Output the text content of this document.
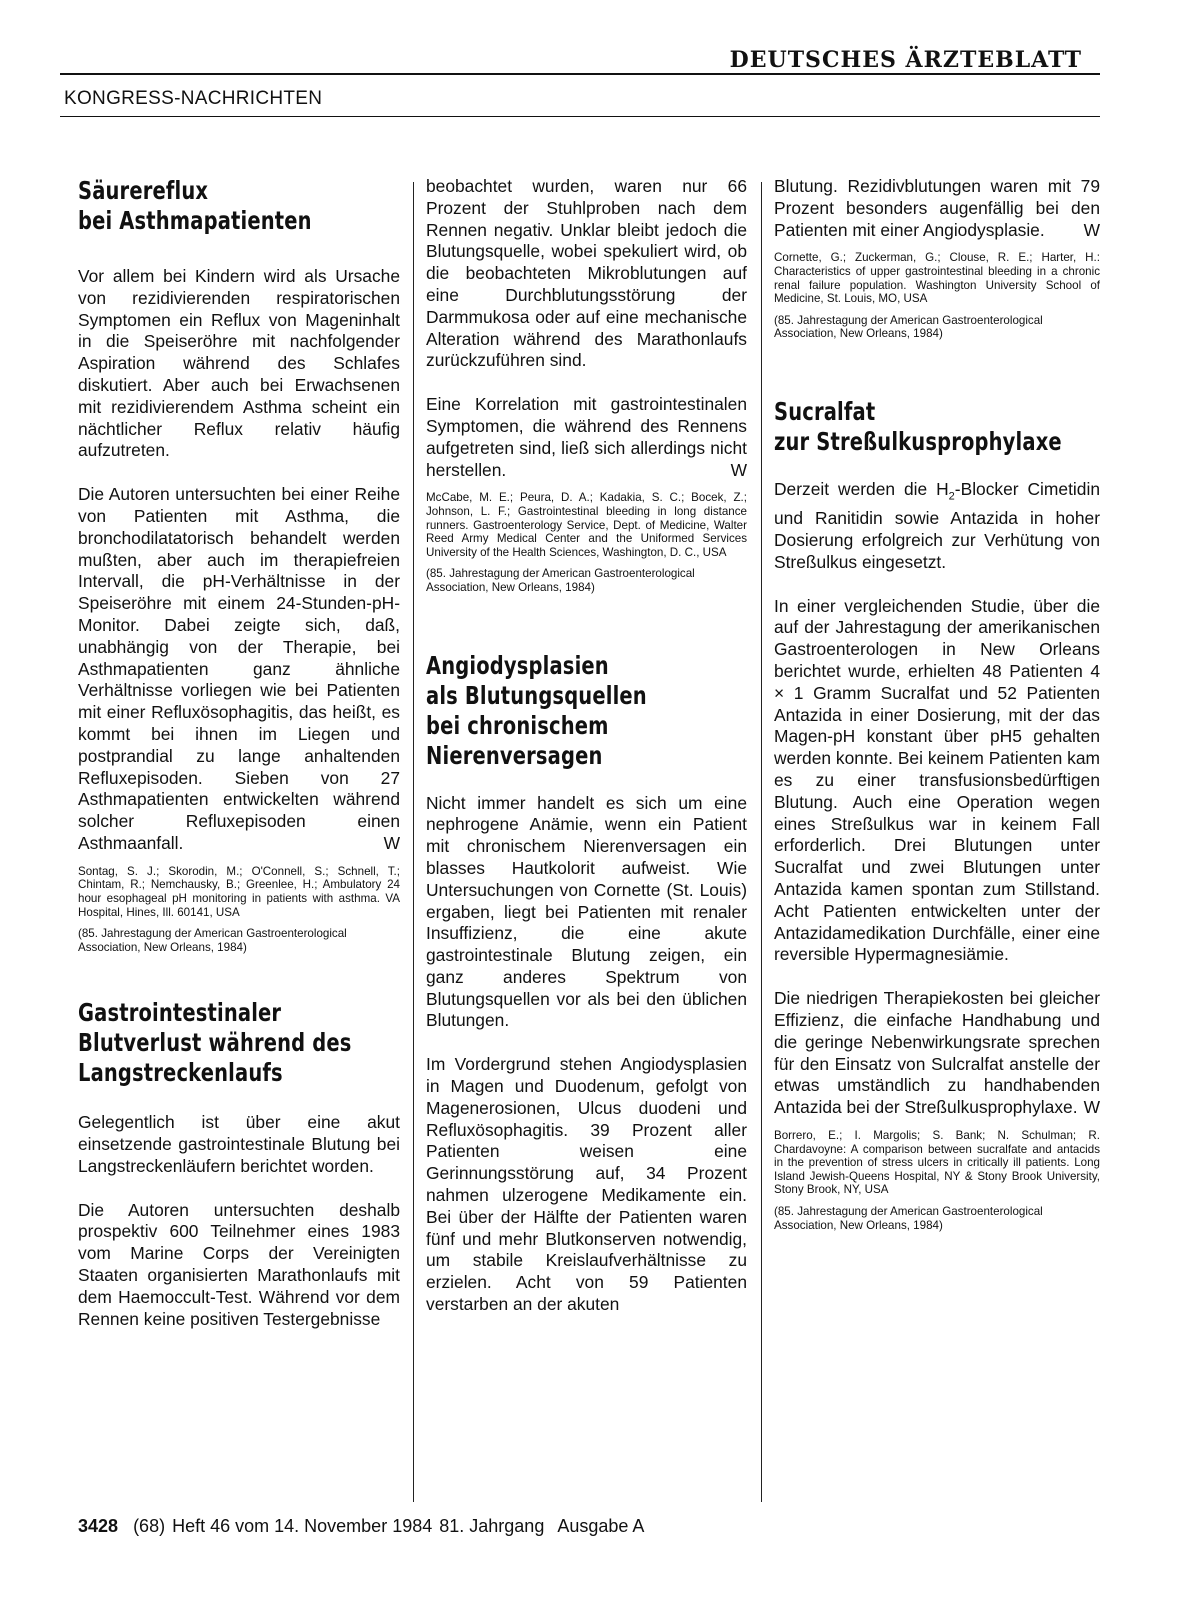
DEUTSCHES ÄRZTEBLATT
KONGRESS-NACHRICHTEN
Säurereflux
bei Asthmapatienten

Vor allem bei Kindern wird als Ursache von rezidivierenden respiratorischen Symptomen ein Reflux von Mageninhalt in die Speiseröhre mit nachfolgender Aspiration während des Schlafes diskutiert. Aber auch bei Erwachsenen mit rezidivierendem Asthma scheint ein nächtlicher Reflux relativ häufig aufzutreten.

Die Autoren untersuchten bei einer Reihe von Patienten mit Asthma, die bronchodilatatorisch behandelt werden mußten, aber auch im therapiefreien Intervall, die pH-Verhältnisse in der Speiseröhre mit einem 24-Stunden-pH-Monitor. Dabei zeigte sich, daß, unabhängig von der Therapie, bei Asthmapatienten ganz ähnliche Verhältnisse vorliegen wie bei Patienten mit einer Refluxösophagitis, das heißt, es kommt bei ihnen im Liegen und postprandial zu lange anhaltenden Refluxepisoden. Sieben von 27 Asthmapatienten entwickelten während solcher Refluxepisoden einen Asthmaanfall.	W

Sontag, S. J.; Skorodin, M.; O'Connell, S.; Schnell, T.; Chintam, R.; Nemchausky, B.; Greenlee, H.; Ambulatory 24 hour esophageal pH monitoring in patients with asthma. VA Hospital, Hines, Ill. 60141, USA

(85. Jahrestagung der American Gastroenterological Association, New Orleans, 1984)

Gastrointestinaler
Blutverlust während des
Langstreckenlaufs

Gelegentlich ist über eine akut einsetzende gastrointestinale Blutung bei Langstreckenläufern berichtet worden.

Die Autoren untersuchten deshalb prospektiv 600 Teilnehmer eines 1983 vom Marine Corps der Vereinigten Staaten organisierten Marathonlaufs mit dem Haemoccult-Test. Während vor dem Rennen keine positiven Testergebnisse

beobachtet wurden, waren nur 66 Prozent der Stuhlproben nach dem Rennen negativ. Unklar bleibt jedoch die Blutungsquelle, wobei spekuliert wird, ob die beobachteten Mikroblutungen auf eine Durchblutungsstörung der Darmmukosa oder auf eine mechanische Alteration während des Marathonlaufs zurückzuführen sind.

Eine Korrelation mit gastrointestinalen Symptomen, die während des Rennens aufgetreten sind, ließ sich allerdings nicht herstellen.	W

McCabe, M. E.; Peura, D. A.; Kadakia, S. C.; Bocek, Z.; Johnson, L. F.; Gastrointestinal bleeding in long distance runners. Gastroenterology Service, Dept. of Medicine, Walter Reed Army Medical Center and the Uniformed Services University of the Health Sciences, Washington, D. C., USA

(85. Jahrestagung der American Gastroenterological Association, New Orleans, 1984)

Angiodysplasien
als Blutungsquellen
bei chronischem
Nierenversagen

Nicht immer handelt es sich um eine nephrogene Anämie, wenn ein Patient mit chronischem Nierenversagen ein blasses Hautkolorit aufweist. Wie Untersuchungen von Cornette (St. Louis) ergaben, liegt bei Patienten mit renaler Insuffizienz, die eine akute gastrointestinale Blutung zeigen, ein ganz anderes Spektrum von Blutungsquellen vor als bei den üblichen Blutungen.

Im Vordergrund stehen Angiodysplasien in Magen und Duodenum, gefolgt von Magenerosionen, Ulcus duodeni und Refluxösophagitis. 39 Prozent aller Patienten weisen eine Gerinnungsstörung auf, 34 Prozent nahmen ulzerogene Medikamente ein. Bei über der Hälfte der Patienten waren fünf und mehr Blutkonserven notwendig, um stabile Kreislaufverhältnisse zu erzielen. Acht von 59 Patienten verstarben an der akuten

Blutung. Rezidivblutungen waren mit 79 Prozent besonders augenfällig bei den Patienten mit einer Angiodysplasie. W

Cornette, G.; Zuckerman, G.; Clouse, R. E.; Harter, H.: Characteristics of upper gastrointestinal bleeding in a chronic renal failure population. Washington University School of Medicine, St. Louis, MO, USA

(85. Jahrestagung der American Gastroenterological Association, New Orleans, 1984)

Sucralfat
zur Streßulkusprophylaxe

Derzeit werden die $H_2$-Blocker Cimetidin und Ranitidin sowie Antazida in hoher Dosierung erfolgreich zur Verhütung von Streßulkus eingesetzt.

In einer vergleichenden Studie, über die auf der Jahrestagung der amerikanischen Gastroenterologen in New Orleans berichtet wurde, erhielten 48 Patienten 4 × 1 Gramm Sucralfat und 52 Patienten Antazida in einer Dosierung, mit der das Magen-pH konstant über pH5 gehalten werden konnte. Bei keinem Patienten kam es zu einer transfusionsbedürftigen Blutung. Auch eine Operation wegen eines Streßulkus war in keinem Fall erforderlich. Drei Blutungen unter Sucralfat und zwei Blutungen unter Antazida kamen spontan zum Stillstand. Acht Patienten entwickelten unter der Antazidamedikation Durchfälle, einer eine reversible Hypermagnesiämie.

Die niedrigen Therapiekosten bei gleicher Effizienz, die einfache Handhabung und die geringe Nebenwirkungsrate sprechen für den Einsatz von Sulcralfat anstelle der etwas umständlich zu handhabenden Antazida bei der Streßulkusprophylaxe. W

Borrero, E.; I. Margolis; S. Bank; N. Schulman; R. Chardavoyne: A comparison between sucralfate and antacids in the prevention of stress ulcers in critically ill patients. Long Island Jewish-Queens Hospital, NY & Stony Brook University, Stony Brook, NY, USA

(85. Jahrestagung der American Gastroenterological Association, New Orleans, 1984)

3428 (68) Heft 46 vom 14. November 1984 81. Jahrgang Ausgabe A
